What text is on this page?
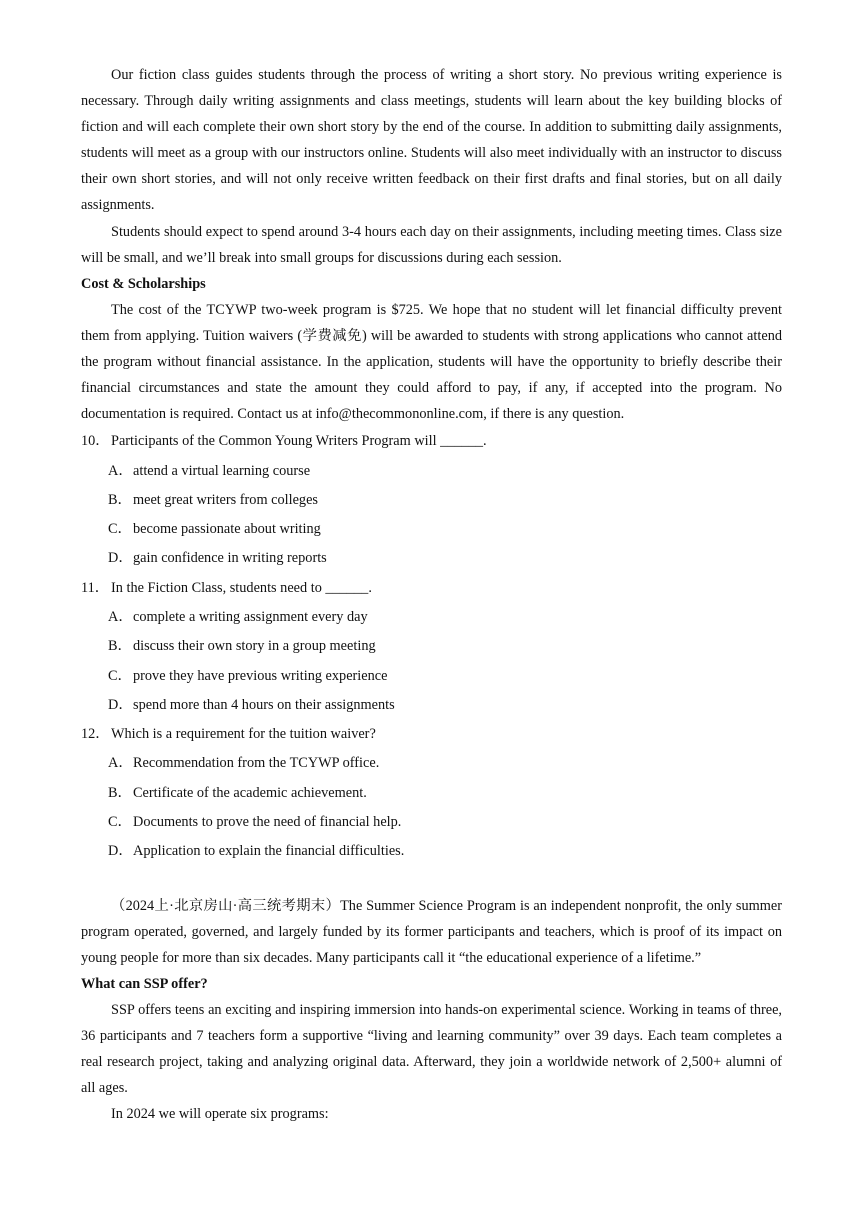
Our fiction class guides students through the process of writing a short story. No previous writing experience is necessary. Through daily writing assignments and class meetings, students will learn about the key building blocks of fiction and will each complete their own short story by the end of the course. In addition to submitting daily assignments, students will meet as a group with our instructors online. Students will also meet individually with an instructor to discuss their own short stories, and will not only receive written feedback on their first drafts and final stories, but on all daily assignments.

Students should expect to spend around 3-4 hours each day on their assignments, including meeting times. Class size will be small, and we’ll break into small groups for discussions during each session.

Cost & Scholarships

The cost of the TCYWP two-week program is $725. We hope that no student will let financial difficulty prevent them from applying. Tuition waivers (学费减免) will be awarded to students with strong applications who cannot attend the program without financial assistance. In the application, students will have the opportunity to briefly describe their financial circumstances and state the amount they could afford to pay, if any, if accepted into the program. No documentation is required. Contact us at info@thecommononline.com, if there is any question.

10．Participants of the Common Young Writers Program will ______.
A．attend a virtual learning course
B．meet great writers from colleges
C．become passionate about writing
D．gain confidence in writing reports
11． In the Fiction Class, students need to ______.
A．complete a writing assignment every day
B．discuss their own story in a group meeting
C．prove they have previous writing experience
D．spend more than 4 hours on their assignments
12．Which is a requirement for the tuition waiver?
A．Recommendation from the TCYWP office.
B．Certificate of the academic achievement.
C．Documents to prove the need of financial help.
D．Application to explain the financial difficulties.

（2024上·北京房山·高三统考期末）The Summer Science Program is an independent nonprofit, the only summer program operated, governed, and largely funded by its former participants and teachers, which is proof of its impact on young people for more than six decades. Many participants call it “the educational experience of a lifetime.”

What can SSP offer?

SSP offers teens an exciting and inspiring immersion into hands-on experimental science. Working in teams of three, 36 participants and 7 teachers form a supportive “living and learning community” over 39 days. Each team completes a real research project, taking and analyzing original data. Afterward, they join a worldwide network of 2,500+ alumni of all ages.

In 2024 we will operate six programs:
